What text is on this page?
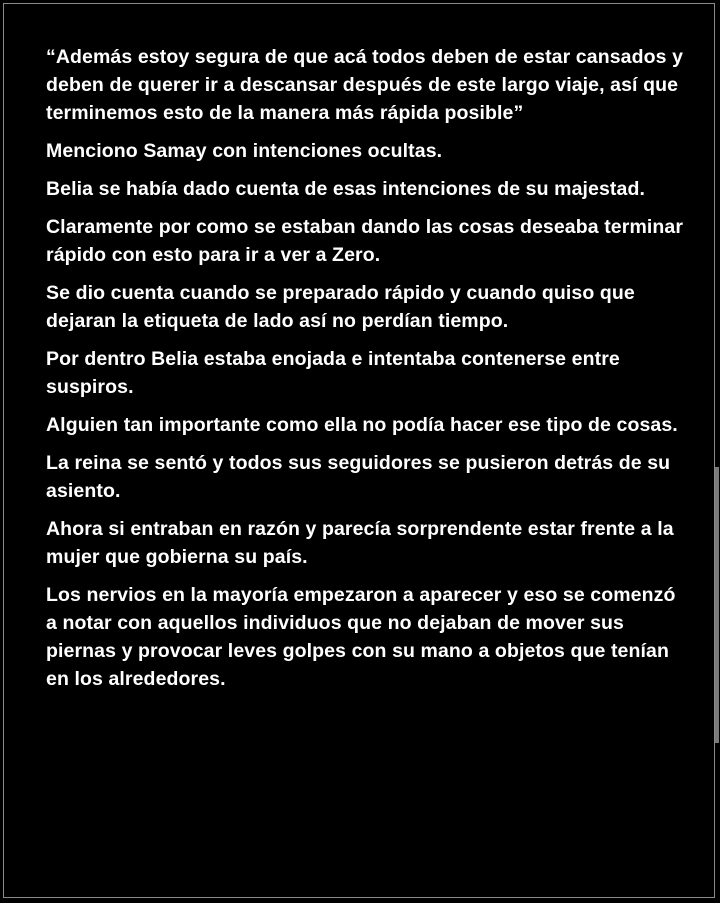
“Además estoy segura de que acá todos deben de estar cansados y deben de querer ir a descansar después de este largo viaje, así que terminemos esto de la manera más rápida posible”

Menciono Samay con intenciones ocultas.

Belia se había dado cuenta de esas intenciones de su majestad.

Claramente por como se estaban dando las cosas deseaba terminar rápido con esto para ir a ver a Zero.

Se dio cuenta cuando se preparado rápido y cuando quiso que dejaran la etiqueta de lado así no perdían tiempo.

Por dentro Belia estaba enojada e intentaba contenerse entre suspiros.

Alguien tan importante como ella no podía hacer ese tipo de cosas.

La reina se sentó y todos sus seguidores se pusieron detrás de su asiento.

Ahora si entraban en razón y parecía sorprendente estar frente a la mujer que gobierna su país.

Los nervios en la mayoría empezaron a aparecer y eso se comenzó a notar con aquellos individuos que no dejaban de mover sus piernas y provocar leves golpes con su mano a objetos que tenían en los alrededores.
